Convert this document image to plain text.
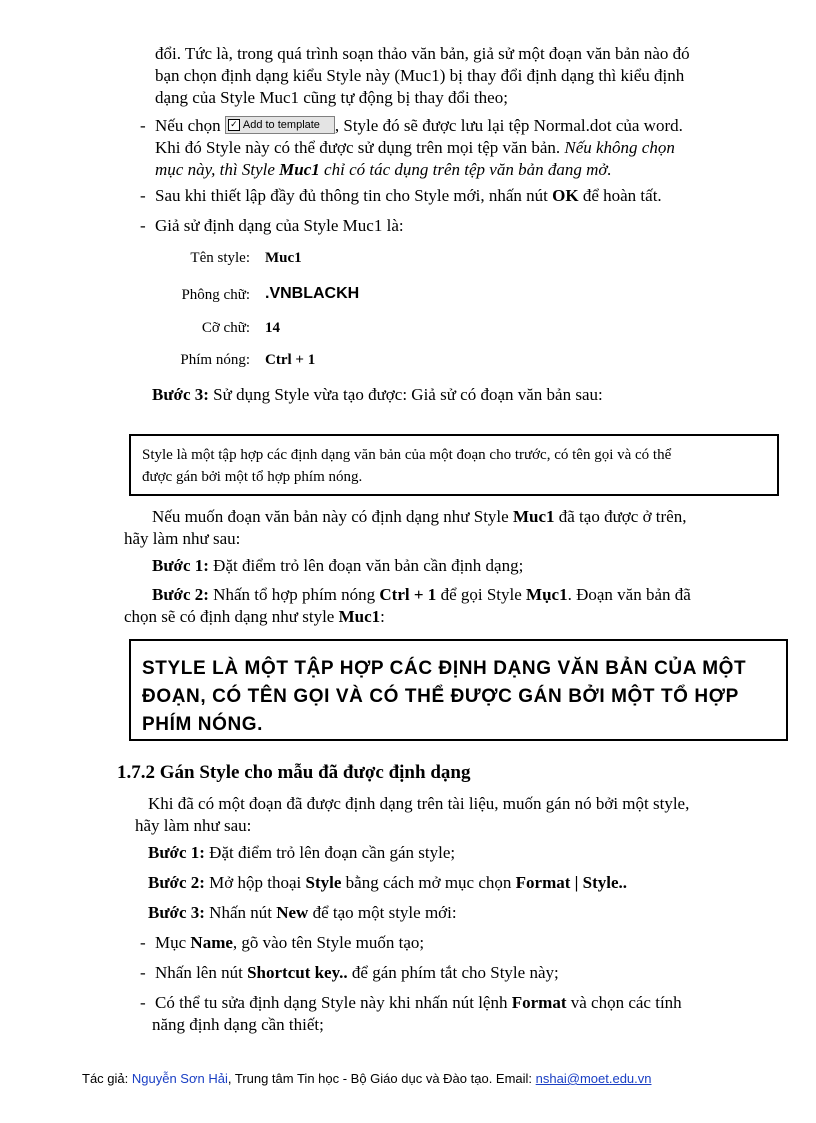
đổi. Tức là, trong quá trình soạn thảo văn bản, giả sử một đoạn văn bản nào đó
bạn chọn định dạng kiểu Style này (Muc1) bị thay đổi định dạng thì kiểu định
dạng của Style Muc1 cũng tự động bị thay đổi theo;
- Nếu chọn ✓ Add to template , Style đó sẽ được lưu lại tệp Normal.dot của word.
Khi đó Style này có thể được sử dụng trên mọi tệp văn bản. Nếu không chọn
mục này, thì Style Muc1 chỉ có tác dụng trên tệp văn bản đang mở.
- Sau khi thiết lập đầy đủ thông tin cho Style mới, nhấn nút OK để hoàn tất.
- Giả sử định dạng của Style Muc1 là:
Tên style: Muc1
Phông chữ: .VNBLACKH
Cỡ chữ: 14
Phím nóng: Ctrl + 1
Bước 3: Sử dụng Style vừa tạo được: Giả sử có đoạn văn bản sau:
Style là một tập hợp các định dạng văn bản của một đoạn cho trước, có tên gọi và có thể
được gán bởi một tổ hợp phím nóng.
Nếu muốn đoạn văn bản này có định dạng như Style Muc1 đã tạo được ở trên,
hãy làm như sau:
Bước 1: Đặt điểm trỏ lên đoạn văn bản cần định dạng;
Bước 2: Nhấn tổ hợp phím nóng Ctrl + 1 để gọi Style Mục1. Đoạn văn bản đã
chọn sẽ có định dạng như style Muc1:
STYLE LÀ MỘT TẬP HỢP CÁC ĐỊNH DẠNG VĂN BẢN CỦA MỘT
ĐOẠN, CÓ TÊN GỌI VÀ CÓ THỂ ĐƯỢC GÁN BỞI MỘT TỔ HỢP
PHÍM NÓNG.
1.7.2 Gán Style cho mẫu đã được định dạng
Khi đã có một đoạn đã được định dạng trên tài liệu, muốn gán nó bởi một style,
hãy làm như sau:
Bước 1: Đặt điểm trỏ lên đoạn cần gán style;
Bước 2: Mở hộp thoại Style bằng cách mở mục chọn Format | Style..
Bước 3: Nhấn nút New để tạo một style mới:
- Mục Name, gõ vào tên Style muốn tạo;
- Nhấn lên nút Shortcut key.. để gán phím tắt cho Style này;
- Có thể tu sửa định dạng Style này khi nhấn nút lệnh Format và chọn các tính
năng định dạng cần thiết;
Tác giả: Nguyễn Sơn Hải, Trung tâm Tin học - Bộ Giáo dục và Đào tạo. Email: nshai@moet.edu.vn
